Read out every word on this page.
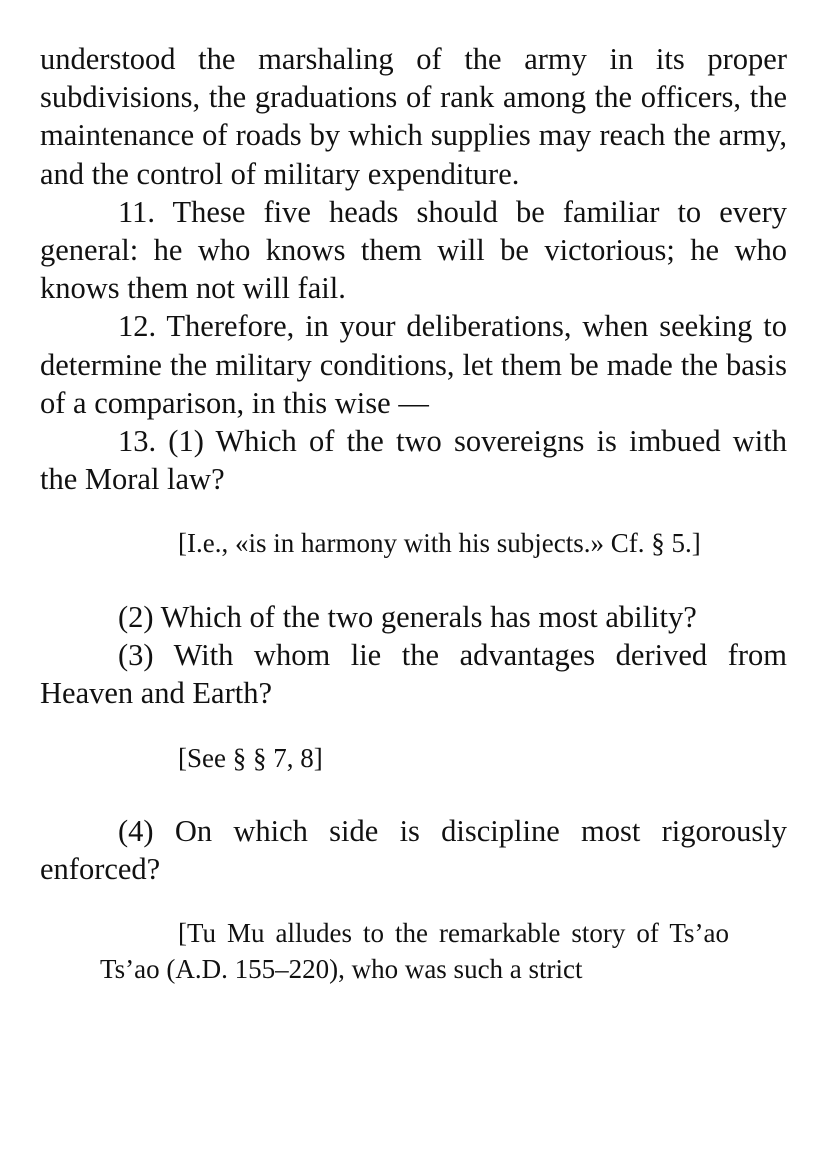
understood the marshaling of the army in its proper subdivisions, the graduations of rank among the officers, the maintenance of roads by which supplies may reach the army, and the control of military expenditure.

11. These five heads should be familiar to every general: he who knows them will be victorious; he who knows them not will fail.

12. Therefore, in your deliberations, when seeking to determine the military conditions, let them be made the basis of a comparison, in this wise —

13. (1) Which of the two sovereigns is imbued with the Moral law?

[I.e., «is in harmony with his subjects.» Cf. § 5.]

(2) Which of the two generals has most ability?

(3) With whom lie the advantages derived from Heaven and Earth?

[See § § 7, 8]

(4) On which side is discipline most rigorously enforced?

[Tu Mu alludes to the remarkable story of Ts’ao Ts’ao (A.D. 155–220), who was such a strict
